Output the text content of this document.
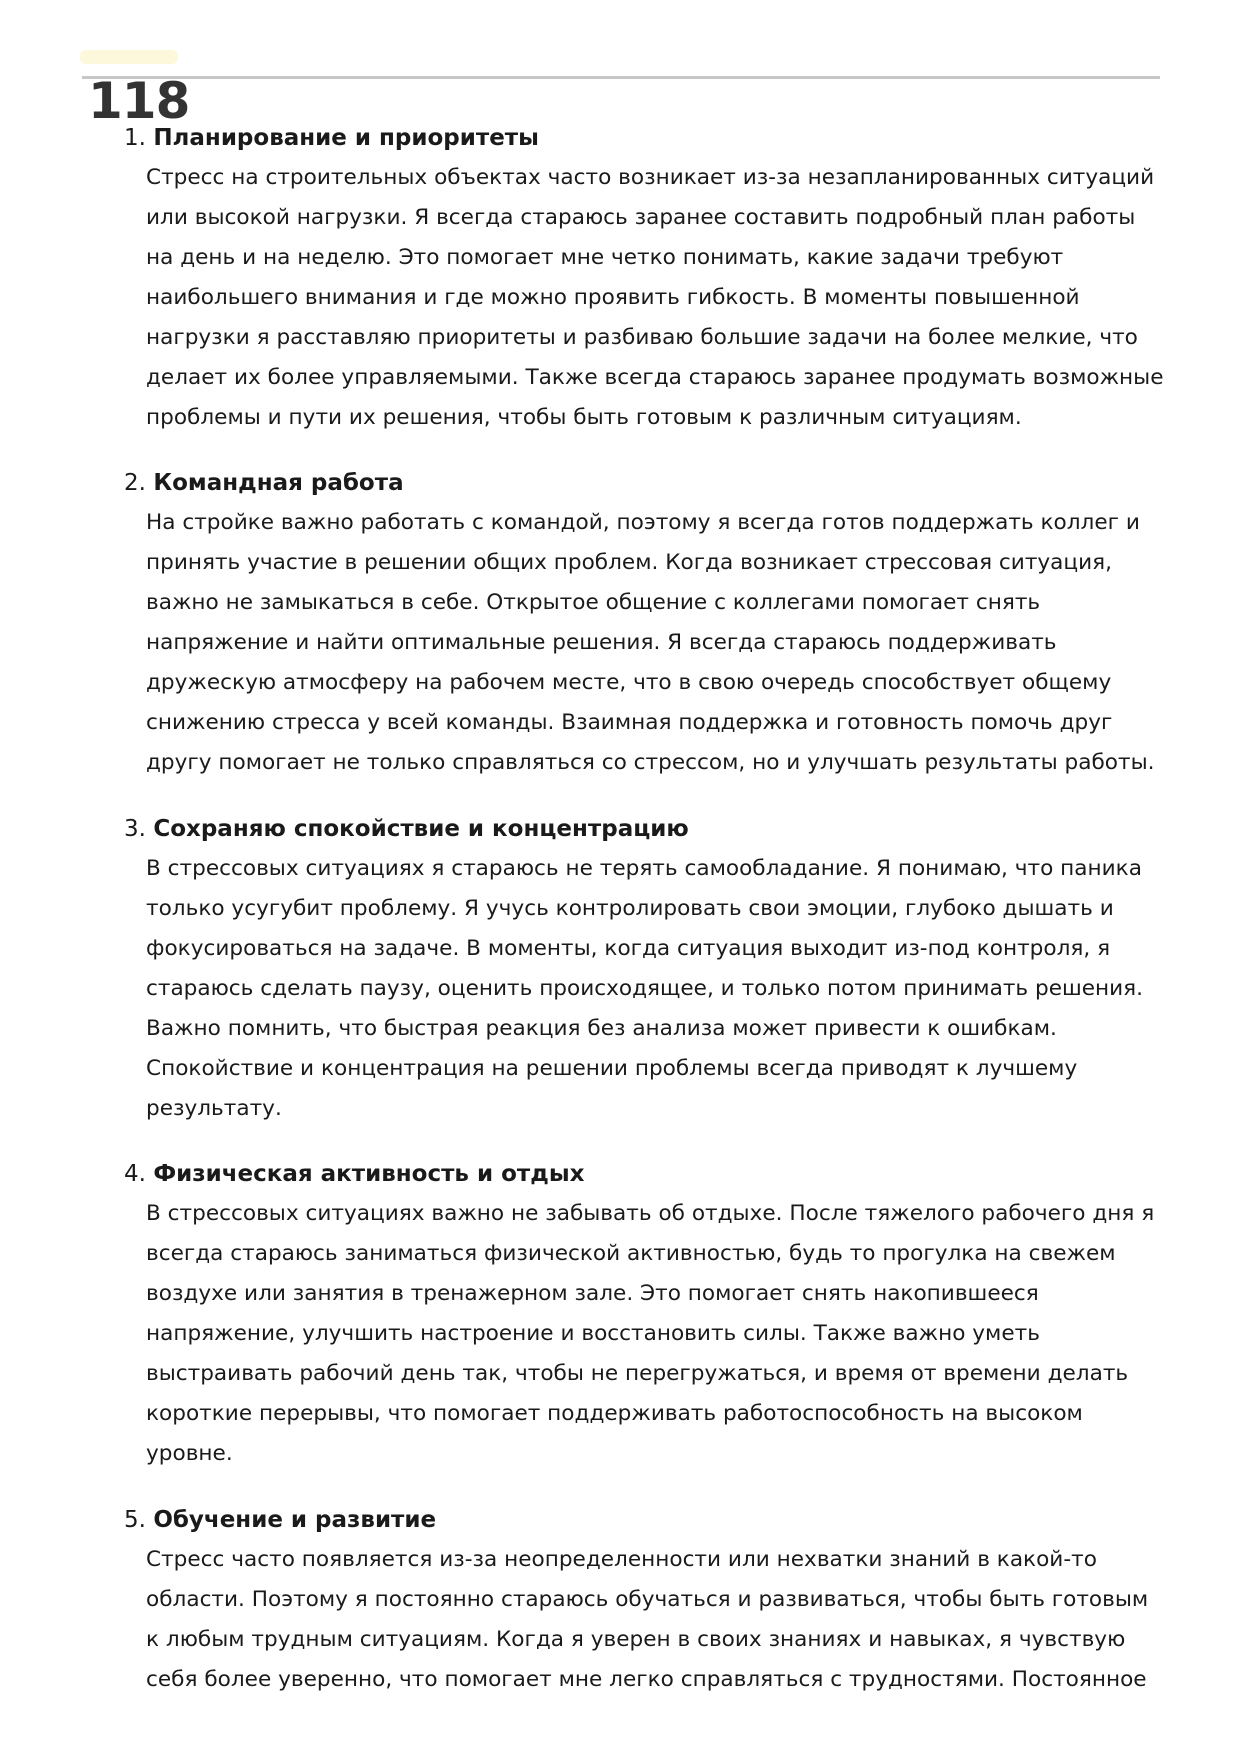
118
1. Планирование и приоритеты
Стресс на строительных объектах часто возникает из-за незапланированных ситуаций
или высокой нагрузки. Я всегда стараюсь заранее составить подробный план работы
на день и на неделю. Это помогает мне четко понимать, какие задачи требуют
наибольшего внимания и где можно проявить гибкость. В моменты повышенной
нагрузки я расставляю приоритеты и разбиваю большие задачи на более мелкие, что
делает их более управляемыми. Также всегда стараюсь заранее продумать возможные
проблемы и пути их решения, чтобы быть готовым к различным ситуациям.
2. Командная работа
На стройке важно работать с командой, поэтому я всегда готов поддержать коллег и
принять участие в решении общих проблем. Когда возникает стрессовая ситуация,
важно не замыкаться в себе. Открытое общение с коллегами помогает снять
напряжение и найти оптимальные решения. Я всегда стараюсь поддерживать
дружескую атмосферу на рабочем месте, что в свою очередь способствует общему
снижению стресса у всей команды. Взаимная поддержка и готовность помочь друг
другу помогает не только справляться со стрессом, но и улучшать результаты работы.
3. Сохраняю спокойствие и концентрацию
В стрессовых ситуациях я стараюсь не терять самообладание. Я понимаю, что паника
только усугубит проблему. Я учусь контролировать свои эмоции, глубоко дышать и
фокусироваться на задаче. В моменты, когда ситуация выходит из-под контроля, я
стараюсь сделать паузу, оценить происходящее, и только потом принимать решения.
Важно помнить, что быстрая реакция без анализа может привести к ошибкам.
Спокойствие и концентрация на решении проблемы всегда приводят к лучшему
результату.
4. Физическая активность и отдых
В стрессовых ситуациях важно не забывать об отдыхе. После тяжелого рабочего дня я
всегда стараюсь заниматься физической активностью, будь то прогулка на свежем
воздухе или занятия в тренажерном зале. Это помогает снять накопившееся
напряжение, улучшить настроение и восстановить силы. Также важно уметь
выстраивать рабочий день так, чтобы не перегружаться, и время от времени делать
короткие перерывы, что помогает поддерживать работоспособность на высоком
уровне.
5. Обучение и развитие
Стресс часто появляется из-за неопределенности или нехватки знаний в какой-то
области. Поэтому я постоянно стараюсь обучаться и развиваться, чтобы быть готовым
к любым трудным ситуациям. Когда я уверен в своих знаниях и навыках, я чувствую
себя более уверенно, что помогает мне легко справляться с трудностями. Постоянное
